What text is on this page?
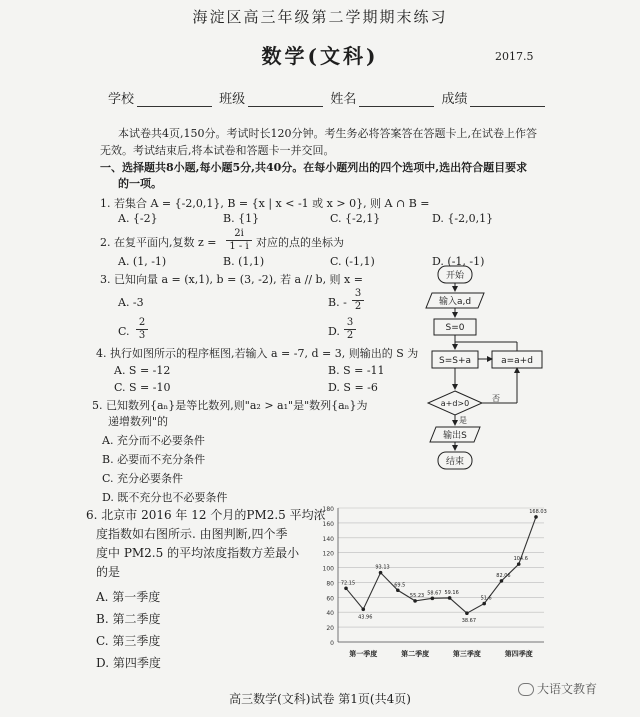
海淀区高三年级第二学期期末练习
数学(文科)	2017.5
学校	班级	姓名	成绩
本试卷共4页,150分。考试时长120分钟。考生务必将答案答在答题卡上,在试卷上作答
无效。考试结束后,将本试卷和答题卡一并交回。
一、选择题共8小题,每小题5分,共40分。在每小题列出的四个选项中,选出符合题目要求
的一项。
1. 若集合 A = {-2,0,1}, B = {x | x < -1 或 x > 0}, 则 A ∩ B =
A. {-2}	B. {1}	C. {-2,1}	D. {-2,0,1}
2. 在复平面内,复数 $z = \frac{2i}{1 - i}$ 对应的点的坐标为
A. (1, -1)	B. (1,1)	C. (-1,1)	D. (-1, -1)
3. 已知向量 a = (x,1), b = (3, -2), 若 a // b, 则 x =
A. -3	B. - $\frac{3}{2}$
C. $\frac{2}{3}$	D. $\frac{3}{2}$
4. 执行如图所示的程序框图,若输入 a = -7, d = 3, 则输出的 S 为
A. S = -12	B. S = -11
C. S = -10	D. S = -6
5. 已知数列{aₙ}是等比数列,则"a₂ > a₁"是"数列{aₙ}为
递增数列"的
A. 充分而不必要条件
B. 必要而不充分条件
C. 充分必要条件
D. 既不充分也不必要条件
开始
输入a,d
S=0
S=S+a	a=a+d
a+d>0
否
是
输出S
结束
6. 北京市 2016 年 12 个月的PM2.5 平均浓
度指数如右图所示. 由图判断,四个季
度中 PM2.5 的平均浓度指数方差最小
的是
A. 第一季度
B. 第二季度
C. 第三季度
D. 第四季度
0
20
40
60
80
100
120
140
160
180
第一季度	第二季度	第三季度	第四季度
72.15
43.96
93.13
69.5
55.23 58.67 59.16
38.67
51.6
82.06
104.6
168.03
高三数学(文科)试卷 第1页(共4页)
大语文教育
